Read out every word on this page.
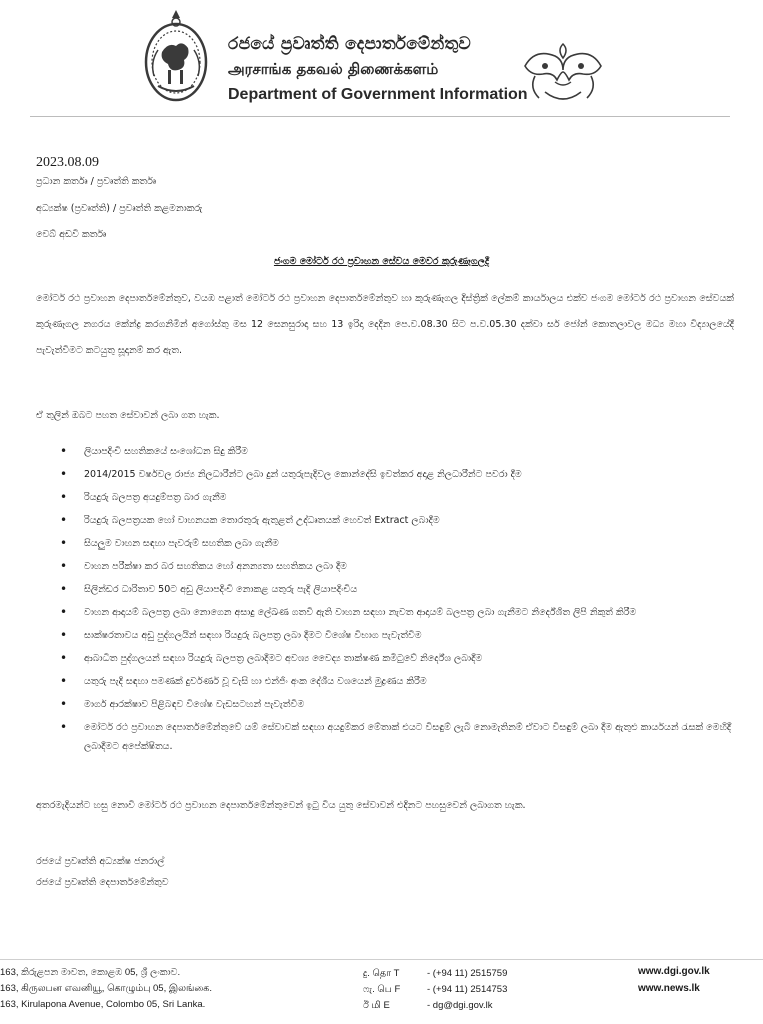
රජයේ ප්‍රවෘත්ති දෙපාර්තමේන්තුව
அரசாங்க தகவல் திணைக்களம்
Department of Government Information
2023.08.09
ප්‍රධාන කර්තෘ / ප්‍රවෘත්ති කර්තෘ
අධ්‍යක්ෂ (ප්‍රවෘත්ති) / ප්‍රවෘත්ති කළමනාකරු
වෙබ් අඩවි කර්තෘ
ජංගම මෝටර් රථ ප්‍රවාහන සේවය මෙවර කුරුණෑගලදී
මෝටර් රථ ප්‍රවාහන දෙපාර්තමේන්තුව, වයඹ පළාත් මෝටර් රථ ප්‍රවාහන දෙපාර්තමේන්තුව හා කුරුණෑගල දිස්ත්‍රික් ලේකම් කාර්යාලය එක්ව ජංගම මෝටර් රථ ප්‍රවාහන සේවයක් කුරුණෑගල නගරය කේන්ද්‍ර කරගනිමින් අගෝස්තු මස 12 සෙනසුරාදා සහ 13 ඉරිදා දෙදින පෙ.ව.08.30 සිට ප.ව.05.30 දක්වා සර් ජෝන් කොතලාවල මධ්‍ය මහා විද්‍යාලයේදී පැවැත්වීමට කටයුතු සූදානම් කර ඇත.
ඒ තුලින් ඔබට පහත සේවාවන් ලබා ගත හැක.
• ලියාපදිංචි සහතිකයේ සංශෝධන සිදු කිරීම
• 2014/2015 වර්ෂවල රාජ්‍ය නිලධාරීන්ට ලබා දුන් යතුරුපැදිවල කොන්දේසි ඉවත්කර අදාළ නිලධාරීන්ට පවරා දීම
• රියදුරු බලපත්‍ර අයදුම්පත්‍ර බාර ගැනීම
• රියදුරු බලපත්‍රයක හෝ වාහනයක තොරතුරු ඇතුළත් උද්ධෘතයක් හෙවත් Extract ලබාදීම
• සියලුම වාහන සඳහා පැවරුම් සහතික ලබා ගැනීම
• වාහන පරීක්ෂා කර බර සහතිකය හෝ අනන්‍යතා සහතිකය ලබා දීම
• සිලින්ඩර ධාරිතාව 50ට අඩු ලියාපදිංචි නොකළ යතුරු පැදි ලියාපදිංචිය
• වාහන ආදායම් බලපත්‍ර ලබා නොගෙන අසාදු ලේඛණ ගතවී ඇති වාහන සඳහා නැවත ආදායම් බලපත්‍ර ලබා ගැනීමට නිර්දේශිත ලිපි නිකුත් කිරීම
• සාක්ෂරතාවය අඩු පුද්ගලයින් සඳහා රියදුරු බලපත්‍ර ලබා දීමට විශේෂ විභාග පැවැත්වීම
• ආබාධිත පුද්ගලයන් සඳහා රියදුරු බලපත්‍ර ලබාදීමට අවශ්‍ය වෛද්‍ය තාක්ෂණ කමිටුවේ නිර්දේශ ලබාදීම
• යතුරු පැදි සඳහා පමණක් දුර්වර්ණ වූ චැසි හා එන්ජිං අංක දේශීය වශයෙන් මුද්‍රණය කිරීම
• මාර්ග ආරක්ෂාව පිළිබඳව විශේෂ වැඩසටහන් පැවැත්වීම
• මෝටර් රථ ප්‍රවාහන දෙපාර්තමේන්තුවේ යම් සේවාවක් සඳහා අයදුම්කර මේතාක් එයට විසඳුම් ලැබී නොමැතිනම් ඒවාට විසඳුම් ලබා දීම ඇතුළු කාර්යයන් රැසක් මෙහිදී ලබාදීමට අපේක්ෂිතය.
අතරමැදියන්ට හසු නොවී මෝටර් රථ ප්‍රවාහන දෙපාර්තමේන්තුවෙන් ඉටු විය යුතු සේවාවන් එදිනට පහසුවෙන් ලබාගත හැක.
රජයේ ප්‍රවෘත්ති අධ්‍යක්ෂ ජනරාල්
රජයේ ප්‍රවෘත්ති දෙපාර්තමේන්තුව
163, කිරුළපන මාවත, කොළඹ 05, ශ්‍රී ලංකාව.
163, கிருலபன எவனியூ, கொழும்பு 05, இலங்கை.
163, Kirulapona Avenue, Colombo 05, Sri Lanka.
දු. தொ T	- (+94 11) 2515759
ෆැ. பெ F	- (+94 11) 2514753
ඊ மி E	- dg@dgi.gov.lk
www.dgi.gov.lk
www.news.lk
